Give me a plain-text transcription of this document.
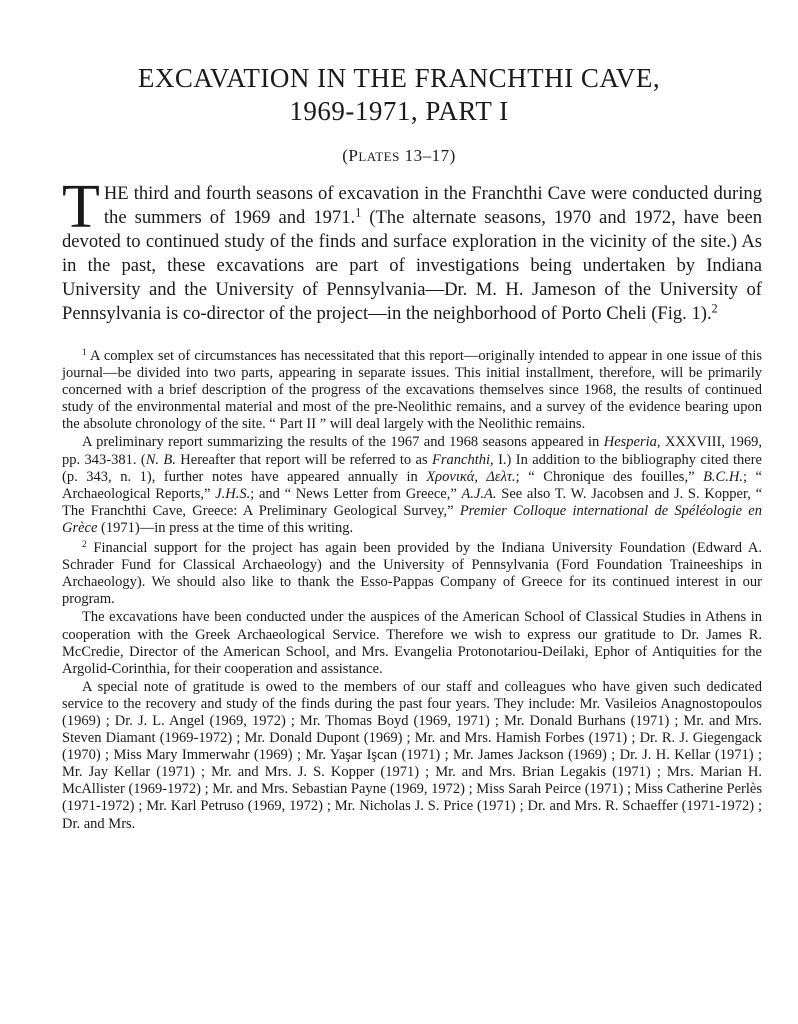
EXCAVATION IN THE FRANCHTHI CAVE,
1969-1971, PART I
(PLATES 13–17)
THE third and fourth seasons of excavation in the Franchthi Cave were conducted during the summers of 1969 and 1971.$^1$ (The alternate seasons, 1970 and 1972, have been devoted to continued study of the finds and surface exploration in the vicinity of the site.) As in the past, these excavations are part of investigations being undertaken by Indiana University and the University of Pennsylvania—Dr. M. H. Jameson of the University of Pennsylvania is co-director of the project—in the neighborhood of Porto Cheli (Fig. 1).$^2$

$^1$ A complex set of circumstances has necessitated that this report—originally intended to appear in one issue of this journal—be divided into two parts, appearing in separate issues. This initial installment, therefore, will be primarily concerned with a brief description of the progress of the excavations themselves since 1968, the results of continued study of the environmental material and most of the pre-Neolithic remains, and a survey of the evidence bearing upon the absolute chronology of the site. “ Part II ” will deal largely with the Neolithic remains.

A preliminary report summarizing the results of the 1967 and 1968 seasons appeared in Hesperia, XXXVIII, 1969, pp. 343-381. (N. B. Hereafter that report will be referred to as Franchthi, I.) In addition to the bibliography cited there (p. 343, n. 1), further notes have appeared annually in Χρονικά, Δελτ.; “ Chronique des fouilles,” B.C.H.; “ Archaeological Reports,” J.H.S.; and “ News Letter from Greece,” A.J.A. See also T. W. Jacobsen and J. S. Kopper, “ The Franchthi Cave, Greece: A Preliminary Geological Survey,” Premier Colloque international de Spéléologie en Grèce (1971)—in press at the time of this writing.

$^2$ Financial support for the project has again been provided by the Indiana University Foundation (Edward A. Schrader Fund for Classical Archaeology) and the University of Pennsylvania (Ford Foundation Traineeships in Archaeology). We should also like to thank the Esso-Pappas Company of Greece for its continued interest in our program.

The excavations have been conducted under the auspices of the American School of Classical Studies in Athens in cooperation with the Greek Archaeological Service. Therefore we wish to express our gratitude to Dr. James R. McCredie, Director of the American School, and Mrs. Evangelia Protonotariou-Deilaki, Ephor of Antiquities for the Argolid-Corinthia, for their cooperation and assistance.

A special note of gratitude is owed to the members of our staff and colleagues who have given such dedicated service to the recovery and study of the finds during the past four years. They include: Mr. Vasileios Anagnostopoulos (1969) ; Dr. J. L. Angel (1969, 1972) ; Mr. Thomas Boyd (1969, 1971) ; Mr. Donald Burhans (1971) ; Mr. and Mrs. Steven Diamant (1969-1972) ; Mr. Donald Dupont (1969) ; Mr. and Mrs. Hamish Forbes (1971) ; Dr. R. J. Giegengack (1970) ; Miss Mary Immerwahr (1969) ; Mr. Yaşar Işcan (1971) ; Mr. James Jackson (1969) ; Dr. J. H. Kellar (1971) ; Mr. Jay Kellar (1971) ; Mr. and Mrs. J. S. Kopper (1971) ; Mr. and Mrs. Brian Legakis (1971) ; Mrs. Marian H. McAllister (1969-1972) ; Mr. and Mrs. Sebastian Payne (1969, 1972) ; Miss Sarah Peirce (1971) ; Miss Catherine Perlès (1971-1972) ; Mr. Karl Petruso (1969, 1972) ; Mr. Nicholas J. S. Price (1971) ; Dr. and Mrs. R. Schaeffer (1971-1972) ; Dr. and Mrs.
